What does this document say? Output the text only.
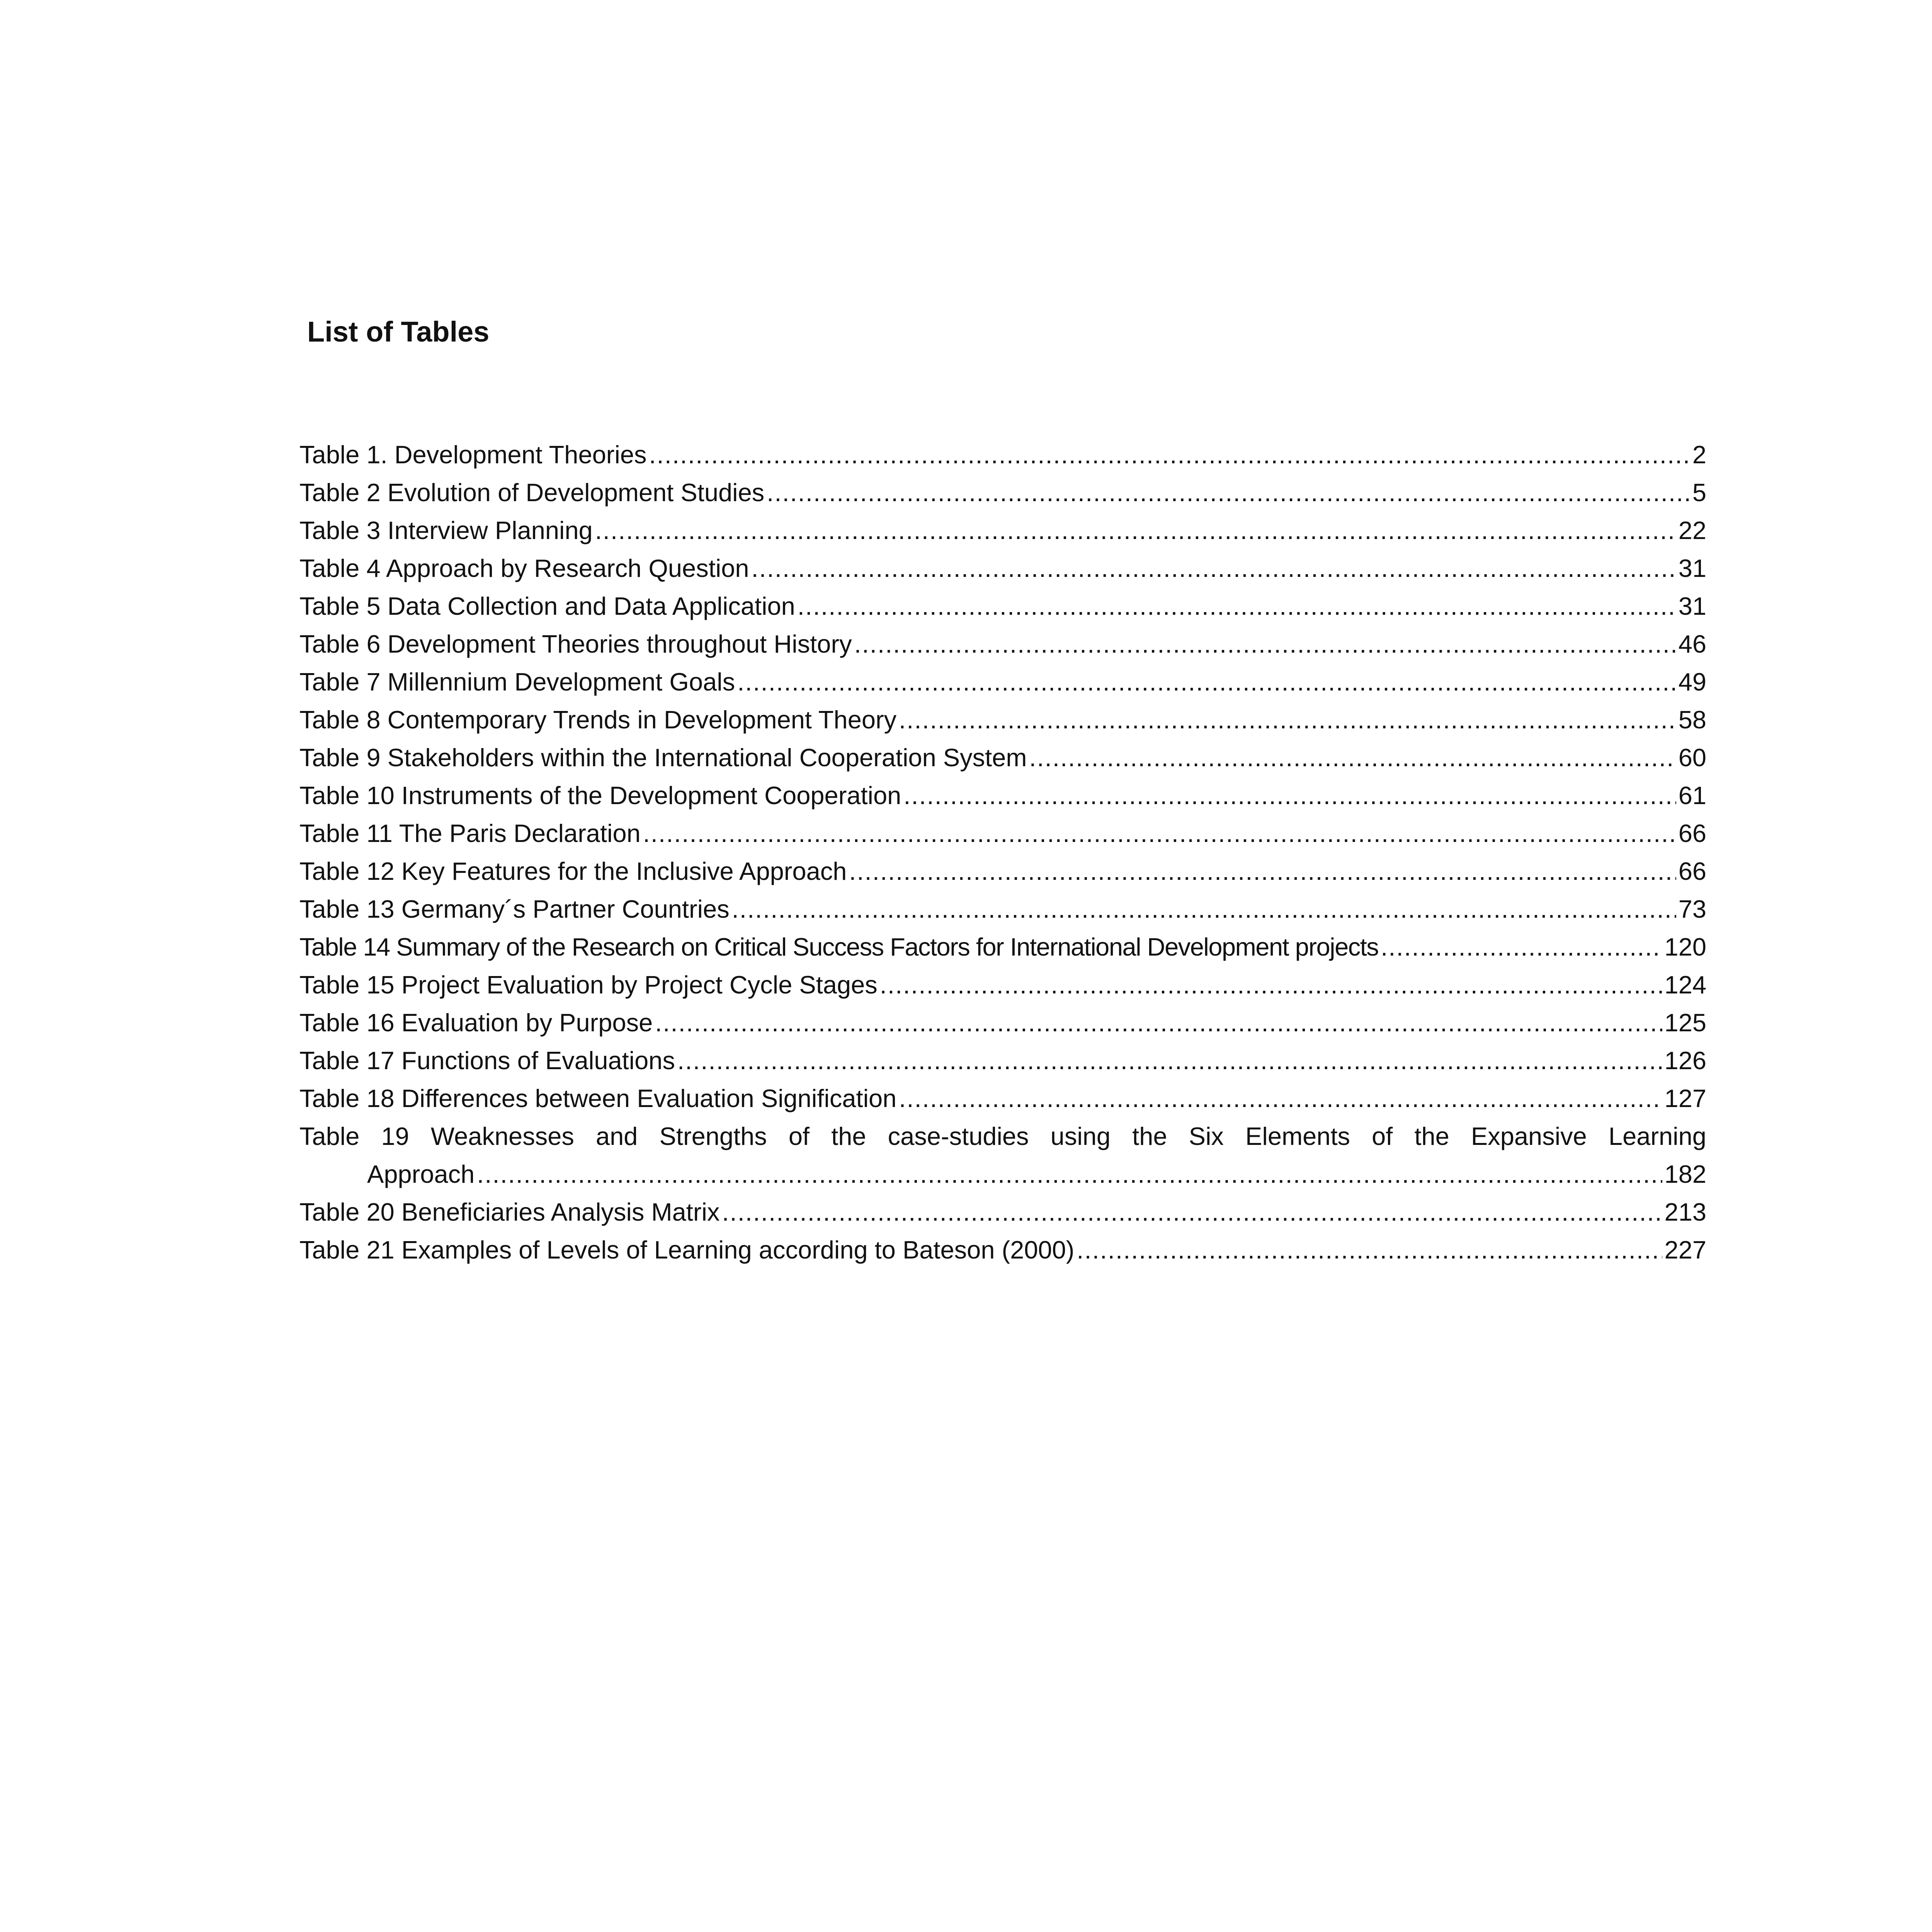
List of Tables
Table 1. Development Theories . . .	2
Table 2 Evolution of Development Studies . . .	5
Table 3 Interview Planning . . .	22
Table 4 Approach by Research Question . . .	31
Table 5 Data Collection and Data Application . . .	31
Table 6 Development Theories throughout History . . .	46
Table 7 Millennium Development Goals . . .	49
Table 8 Contemporary Trends in Development Theory . . .	58
Table 9 Stakeholders within the International Cooperation System . . .	60
Table 10 Instruments of the Development Cooperation . . .	61
Table 11 The Paris Declaration . . .	66
Table 12 Key Features for the Inclusive Approach . . .	66
Table 13 Germany´s Partner Countries . . .	73
Table 14 Summary of the Research on Critical Success Factors for International Development projects . . .	120
Table 15 Project Evaluation by Project Cycle Stages . . .	124
Table 16 Evaluation by Purpose . . .	125
Table 17 Functions of Evaluations . . .	126
Table 18 Differences between Evaluation Signification . . .	127
Table 19 Weaknesses and Strengths of the case-studies using the Six Elements of the Expansive Learning
Approach . . .	182
Table 20 Beneficiaries Analysis Matrix . . .	213
Table 21 Examples of Levels of Learning according to Bateson (2000) . . .	227
